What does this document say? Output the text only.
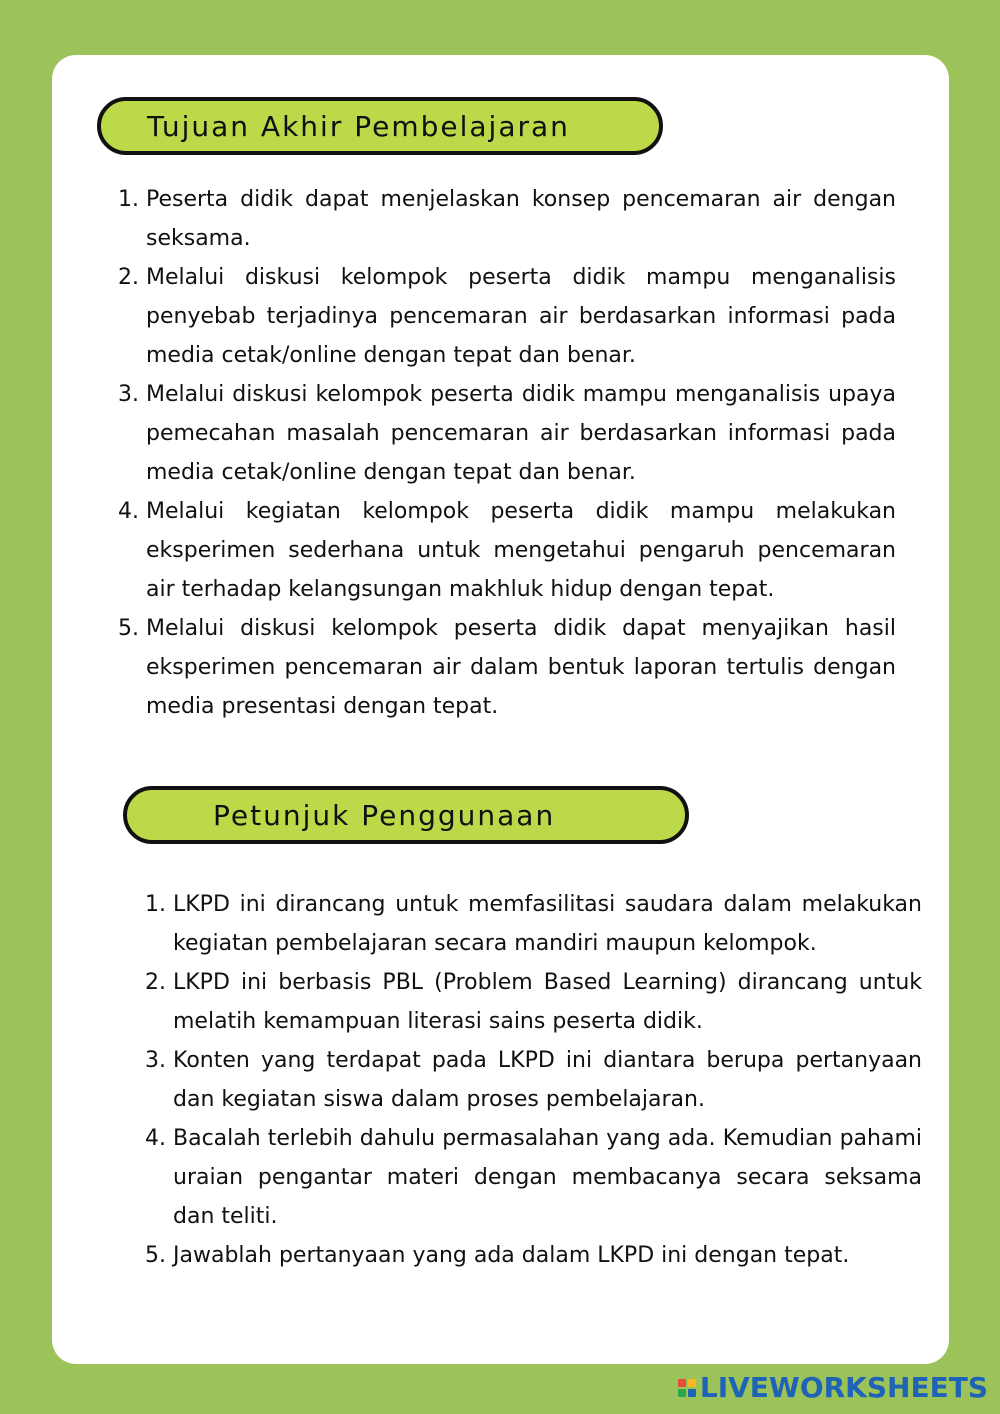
Tujuan Akhir Pembelajaran
1. Peserta didik dapat menjelaskan konsep pencemaran air dengan seksama.
2. Melalui diskusi kelompok peserta didik mampu menganalisis penyebab terjadinya pencemaran air berdasarkan informasi pada media cetak/online dengan tepat dan benar.
3. Melalui diskusi kelompok peserta didik mampu menganalisis upaya pemecahan masalah pencemaran air berdasarkan informasi pada media cetak/online dengan tepat dan benar.
4. Melalui kegiatan kelompok peserta didik mampu melakukan eksperimen sederhana untuk mengetahui pengaruh pencemaran air terhadap kelangsungan makhluk hidup dengan tepat.
5. Melalui diskusi kelompok peserta didik dapat menyajikan hasil eksperimen pencemaran air dalam bentuk laporan tertulis dengan media presentasi dengan tepat.
Petunjuk Penggunaan
1. LKPD ini dirancang untuk memfasilitasi saudara dalam melakukan kegiatan pembelajaran secara mandiri maupun kelompok.
2. LKPD ini berbasis PBL (Problem Based Learning) dirancang untuk melatih kemampuan literasi sains peserta didik.
3. Konten yang terdapat pada LKPD ini diantara berupa pertanyaan dan kegiatan siswa dalam proses pembelajaran.
4. Bacalah terlebih dahulu permasalahan yang ada. Kemudian pahami uraian pengantar materi dengan membacanya secara seksama dan teliti.
5. Jawablah pertanyaan yang ada dalam LKPD ini dengan tepat.
LIVEWORKSHEETS
